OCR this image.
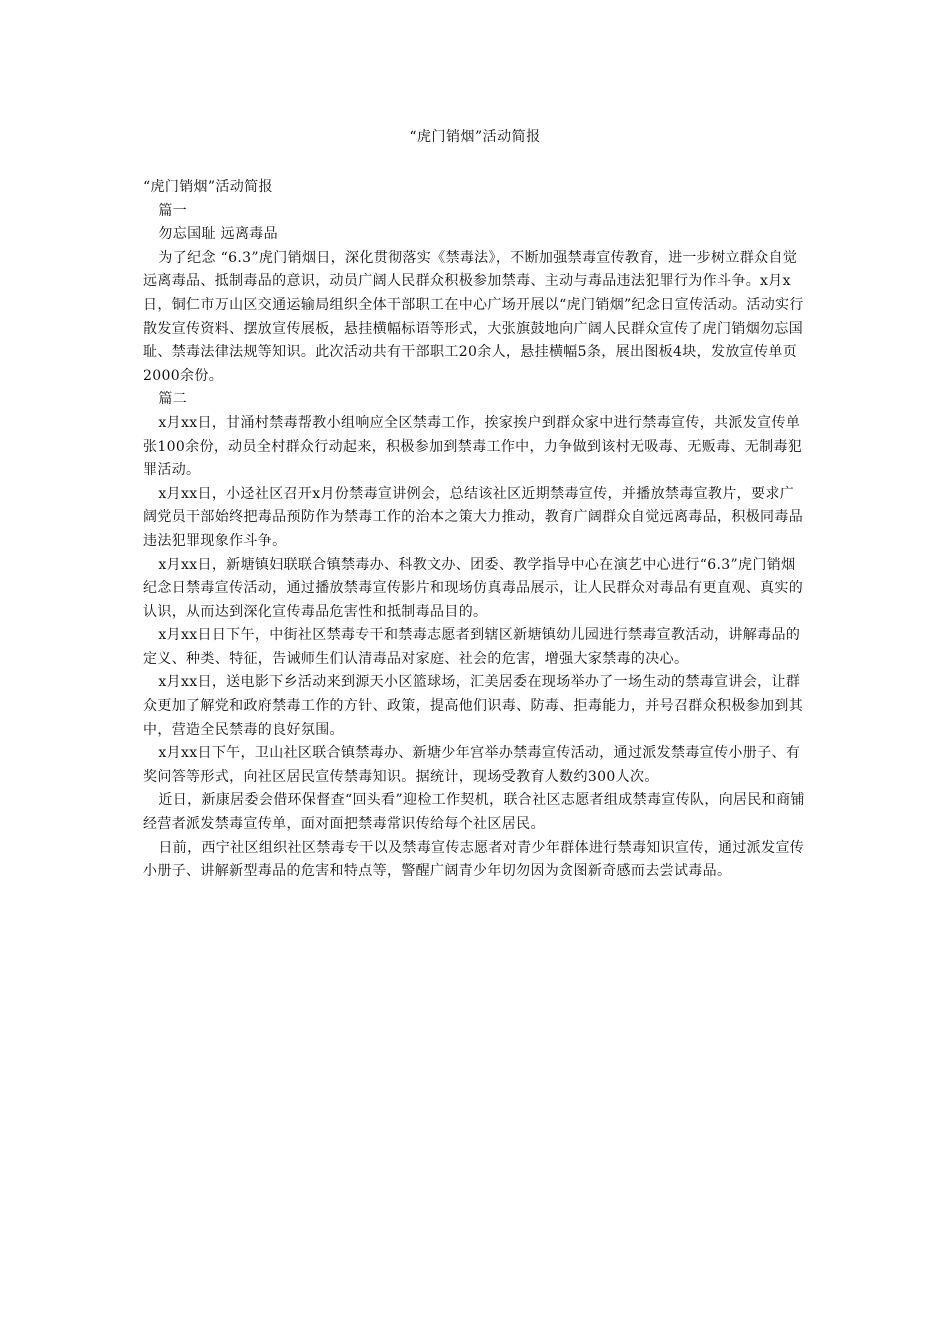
“虎门销烟”活动简报

“虎门销烟”活动简报

篇一

勿忘国耻 远离毒品

为了纪念 “6.3”虎门销烟日，深化贯彻落实《禁毒法》，不断加强禁毒宣传教育，进一步树立群众自觉远离毒品、抵制毒品的意识，动员广阔人民群众积极参加禁毒、主动与毒品违法犯罪行为作斗争。x月x日，铜仁市万山区交通运输局组织全体干部职工在中心广场开展以“虎门销烟”纪念日宣传活动。活动实行散发宣传资料、摆放宣传展板，悬挂横幅标语等形式，大张旗鼓地向广阔人民群众宣传了虎门销烟勿忘国耻、禁毒法律法规等知识。此次活动共有干部职工20余人，悬挂横幅5条，展出图板4块，发放宣传单页2000余份。

篇二

x月xx日，甘涌村禁毒帮教小组响应全区禁毒工作，挨家挨户到群众家中进行禁毒宣传，共派发宣传单张100余份，动员全村群众行动起来，积极参加到禁毒工作中，力争做到该村无吸毒、无贩毒、无制毒犯罪活动。

x月xx日，小迳社区召开x月份禁毒宣讲例会，总结该社区近期禁毒宣传，并播放禁毒宣教片，要求广阔党员干部始终把毒品预防作为禁毒工作的治本之策大力推动，教育广阔群众自觉远离毒品，积极同毒品违法犯罪现象作斗争。

x月xx日，新塘镇妇联联合镇禁毒办、科教文办、团委、教学指导中心在演艺中心进行“6.3”虎门销烟纪念日禁毒宣传活动，通过播放禁毒宣传影片和现场仿真毒品展示，让人民群众对毒品有更直观、真实的认识，从而达到深化宣传毒品危害性和抵制毒品目的。

x月xx日日下午，中街社区禁毒专干和禁毒志愿者到辖区新塘镇幼儿园进行禁毒宣教活动，讲解毒品的定义、种类、特征，告诫师生们认清毒品对家庭、社会的危害，增强大家禁毒的决心。

x月xx日，送电影下乡活动来到源天小区篮球场，汇美居委在现场举办了一场生动的禁毒宣讲会，让群众更加了解党和政府禁毒工作的方针、政策，提高他们识毒、防毒、拒毒能力，并号召群众积极参加到其中，营造全民禁毒的良好氛围。

x月xx日下午，卫山社区联合镇禁毒办、新塘少年宫举办禁毒宣传活动，通过派发禁毒宣传小册子、有奖问答等形式，向社区居民宣传禁毒知识。据统计，现场受教育人数约300人次。

近日，新康居委会借环保督查“回头看”迎检工作契机，联合社区志愿者组成禁毒宣传队，向居民和商铺经营者派发禁毒宣传单，面对面把禁毒常识传给每个社区居民。

日前，西宁社区组织社区禁毒专干以及禁毒宣传志愿者对青少年群体进行禁毒知识宣传，通过派发宣传小册子、讲解新型毒品的危害和特点等，警醒广阔青少年切勿因为贪图新奇感而去尝试毒品。
